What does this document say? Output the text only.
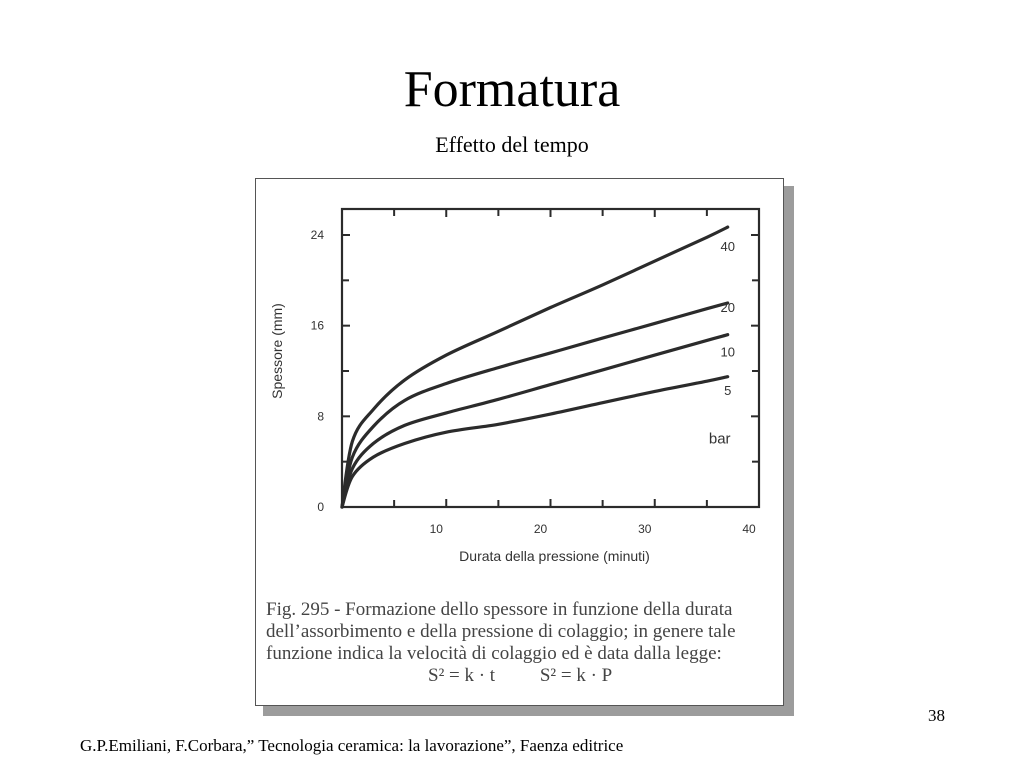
Formatura
Effetto del tempo
0
8
16
24
10	20	30	40
Durata della pressione (minuti)
Spessore (mm)
40
20
10
5
bar

Fig. 295 - Formazione dello spessore in funzione della durata

dell’assorbimento e della pressione di colaggio; in genere tale

funzione indica la velocità di colaggio ed è data dalla legge:

S² = k · t S² = k · P

38
G.P.Emiliani, F.Corbara,” Tecnologia ceramica: la lavorazione”, Faenza editrice
